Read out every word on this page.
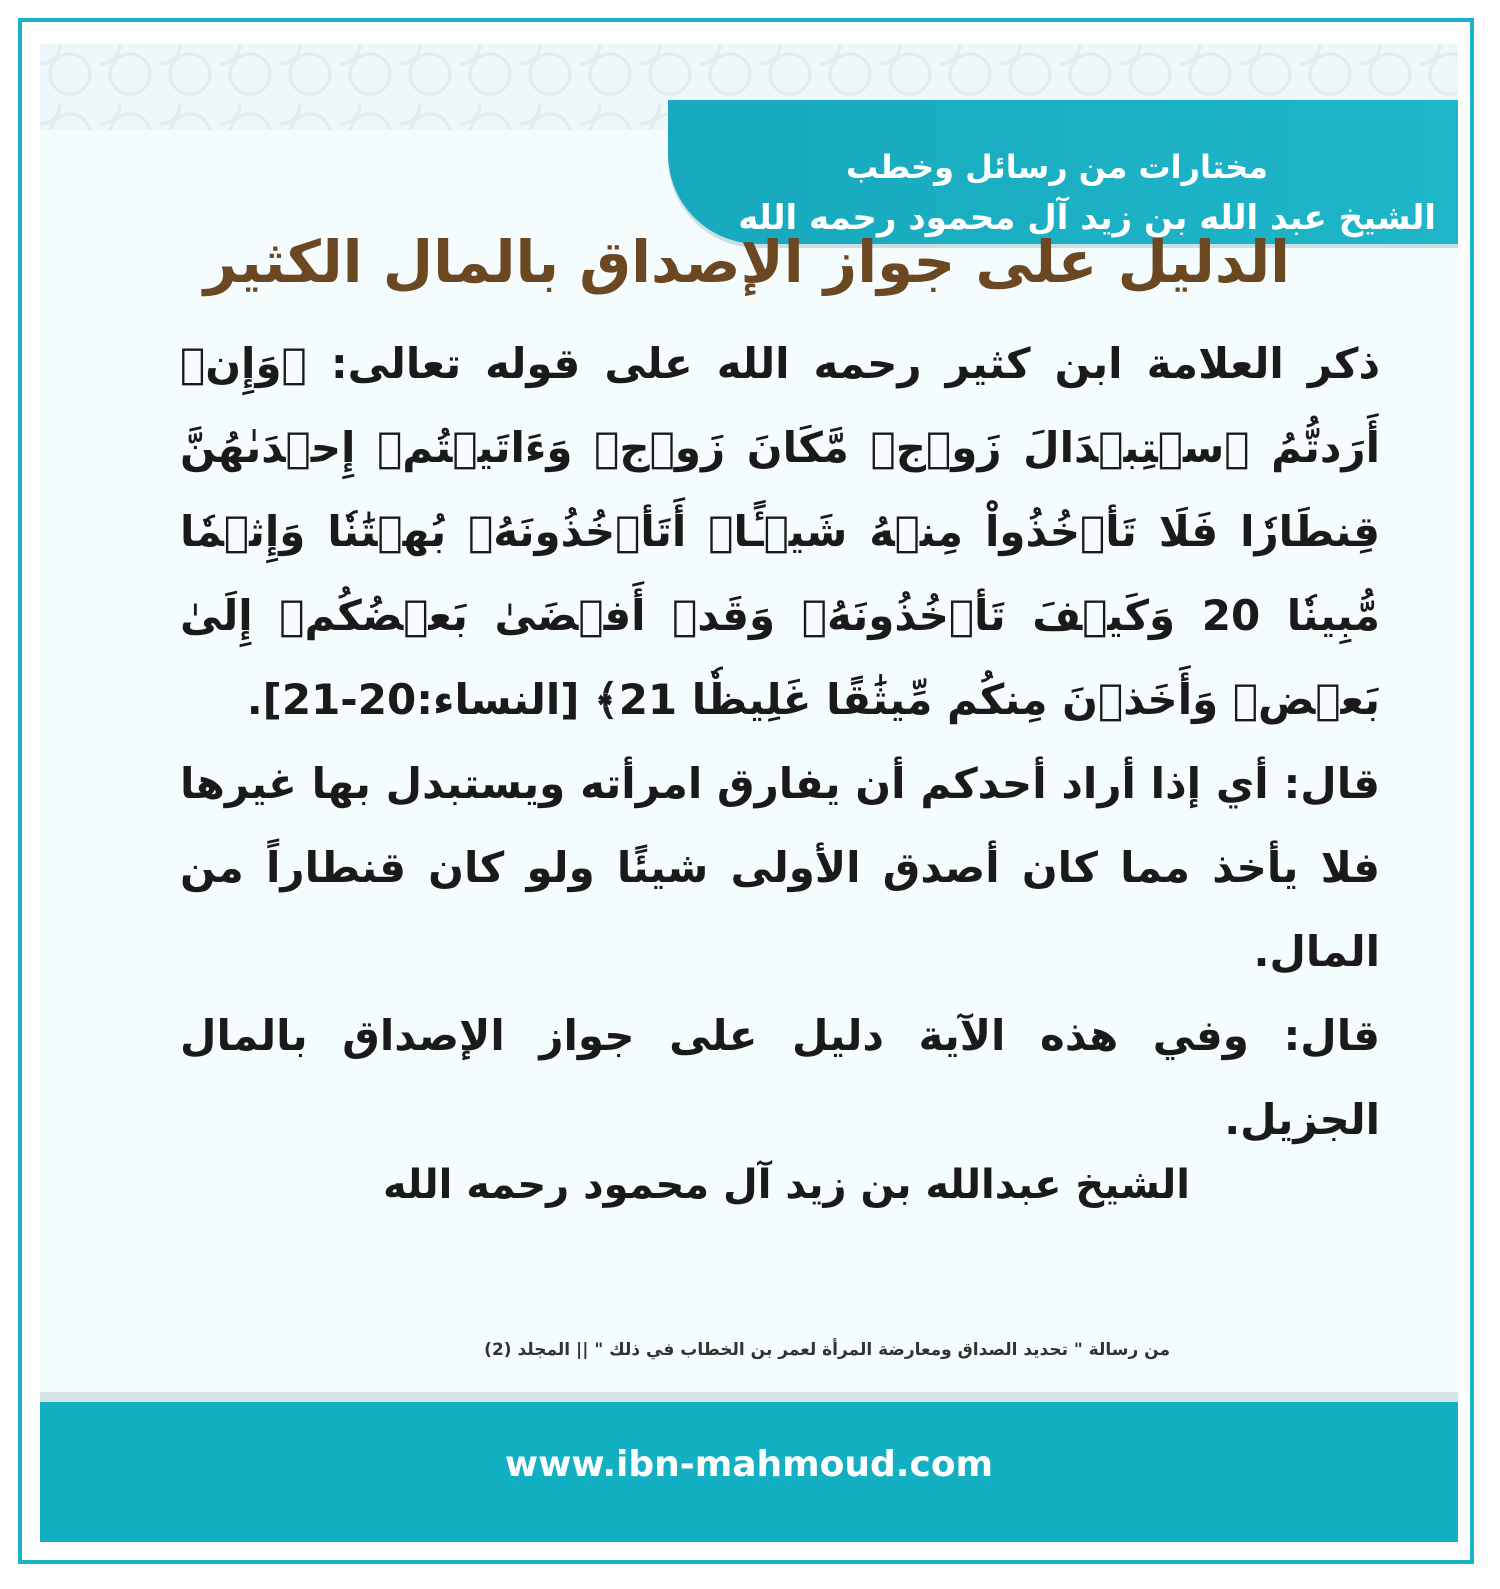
مختارات من رسائل وخطب
الشيخ عبد الله بن زيد آل محمود رحمه الله
الدليل على جواز الإصداق بالمال الكثير

ذكر العلامة ابن كثير رحمه الله على قوله تعالى: ﴿وَإِنۡ أَرَدتُّمُ ٱسۡتِبۡدَالَ زَوۡجٖ مَّكَانَ زَوۡجٖ وَءَاتَيۡتُمۡ إِحۡدَىٰهُنَّ قِنطَارٗا فَلَا تَأۡخُذُواْ مِنۡهُ شَيۡـًٔاۚ أَتَأۡخُذُونَهُۥ بُهۡتَٰنٗا وَإِثۡمٗا مُّبِينٗا 20 وَكَيۡفَ تَأۡخُذُونَهُۥ وَقَدۡ أَفۡضَىٰ بَعۡضُكُمۡ إِلَىٰ بَعۡضٖ وَأَخَذۡنَ مِنكُم مِّيثَٰقًا غَلِيظٗا 21﴾ [النساء:20-21].

قال: أي إذا أراد أحدكم أن يفارق امرأته ويستبدل بها غيرها فلا يأخذ مما كان أصدق الأولى شيئًا ولو كان قنطاراً من المال.

قال: وفي هذه الآية دليل على جواز الإصداق بالمال الجزيل.

الشيخ عبدالله بن زيد آل محمود رحمه الله
من رسالة " تحديد الصداق ومعارضة المرأة لعمر بن الخطاب في ذلك " || المجلد (2)
www.ibn-mahmoud.com
